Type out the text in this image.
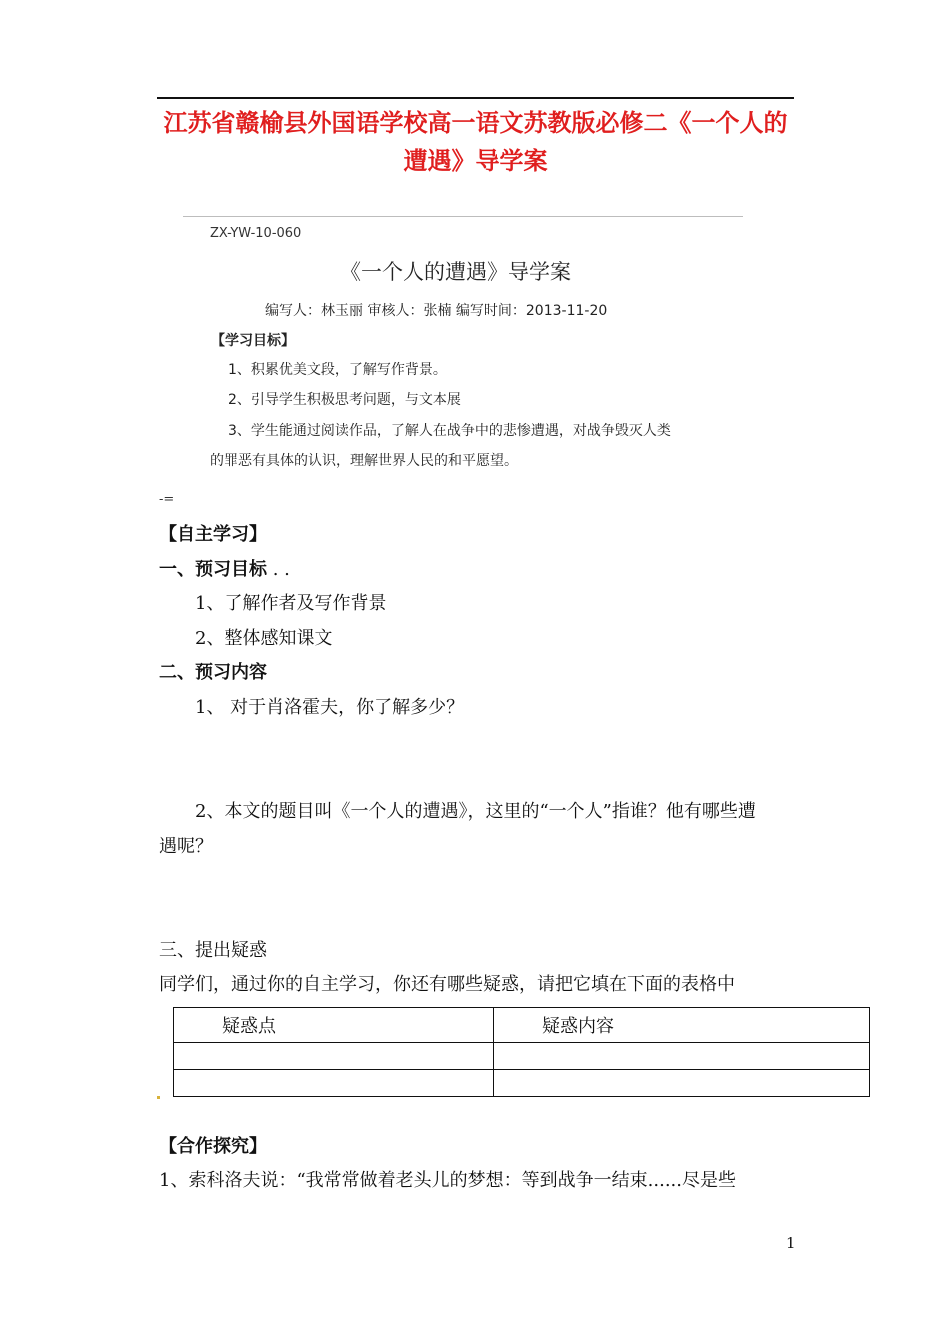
江苏省赣榆县外国语学校高一语文苏教版必修二《一个人的遭遇》导学案
ZX-YW-10-060
《一个人的遭遇》导学案
编写人：林玉丽 审核人：张楠 编写时间：2013-11-20
【学习目标】
1、积累优美文段，了解写作背景。
2、引导学生积极思考问题，与文本展
3、学生能通过阅读作品，了解人在战争中的悲惨遭遇，对战争毁灭人类
的罪恶有具体的认识，理解世界人民的和平愿望。
-=
【自主学习】
一、预习目标 . .
1、了解作者及写作背景
2、整体感知课文
二、预习内容
1、 对于肖洛霍夫，你了解多少？
2、本文的题目叫《一个人的遭遇》，这里的“一个人”指谁？他有哪些遭
遇呢？
三、提出疑惑
同学们，通过你的自主学习，你还有哪些疑惑，请把它填在下面的表格中
疑惑点	疑惑内容

【合作探究】
1、索科洛夫说：“我常常做着老头儿的梦想：等到战争一结束......尽是些
1
